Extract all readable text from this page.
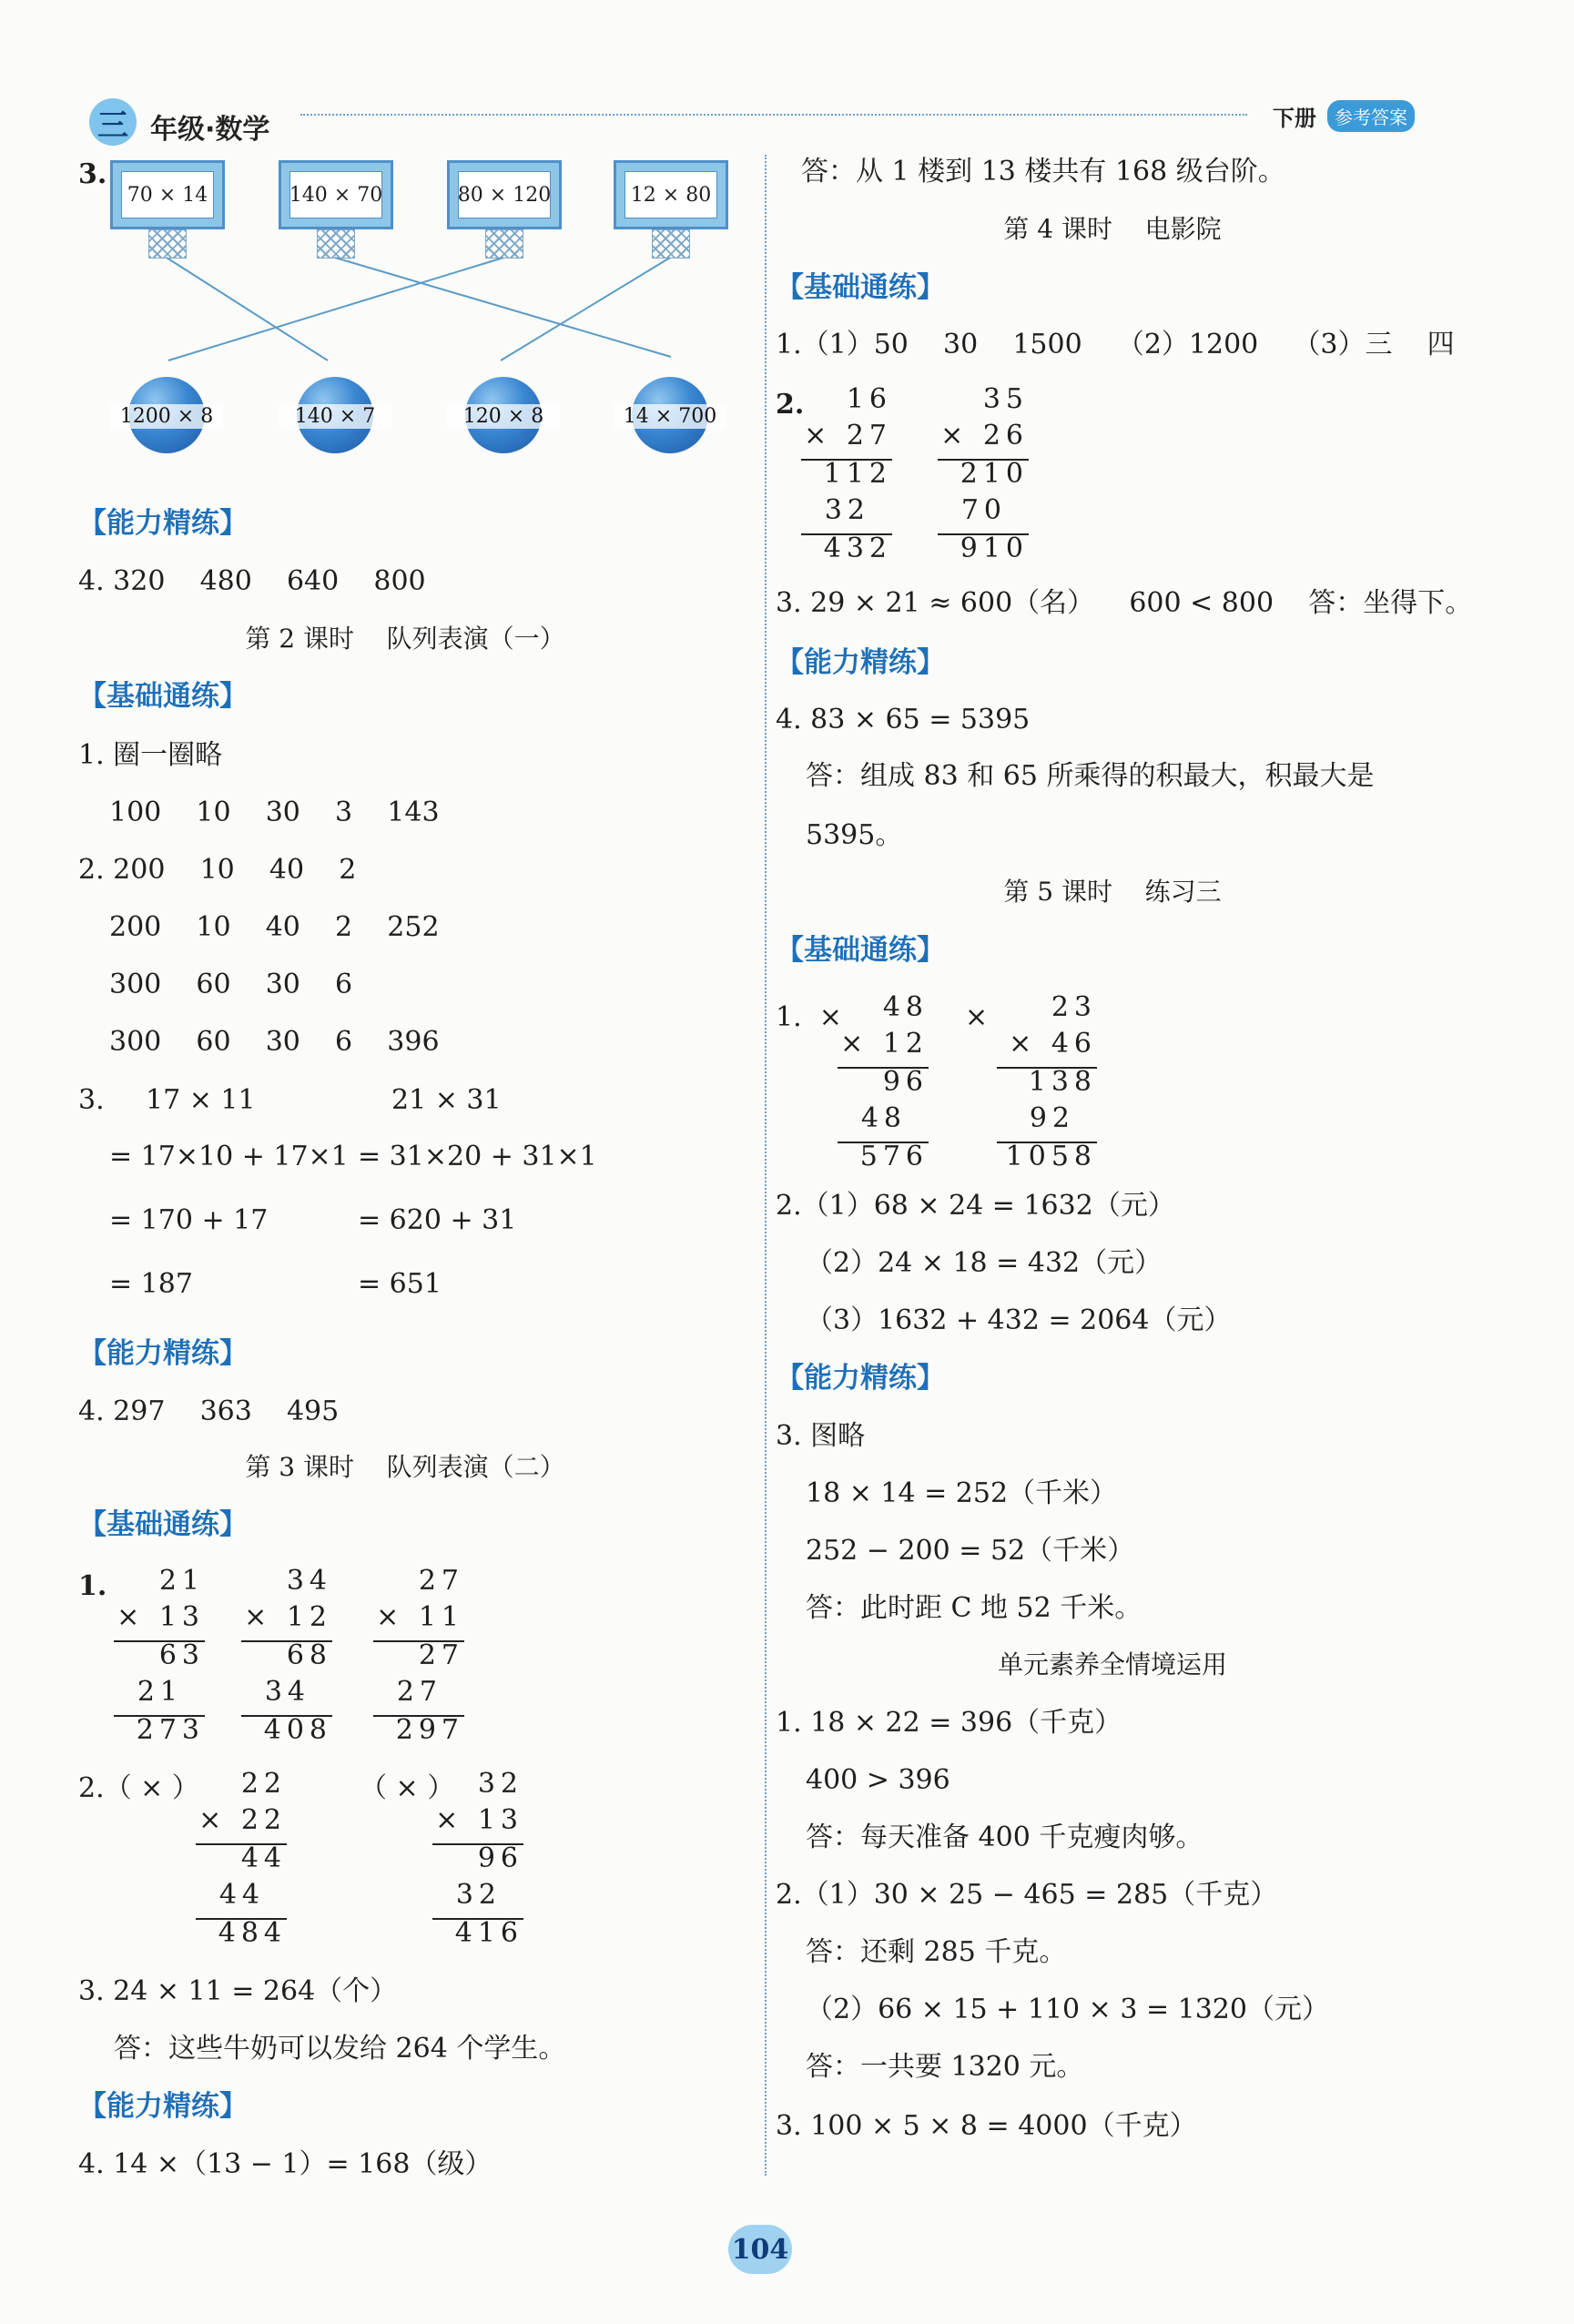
三 年级·数学	下册	参考答案
3.
70 × 14	140 × 70	80 × 120	12 × 80
1200 × 8	140 × 7	120 × 8	14 × 700
【能力精练】
4. 320    480    640    800
第 2 课时    队列表演（一）
【基础通练】
1. 圈一圈略
100    10    30    3    143
2. 200    10    40    2
200    10    40    2    252
300    60    30    6
300    60    30    6    396
3. 17 × 11
= 17×10 + 17×1
= 170 + 17
= 187
21 × 31
= 31×20 + 31×1
= 620 + 31
= 651
【能力精练】
4. 297    363    495
第 3 课时    队列表演（二）
【基础通练】
1.	21
× 13
63
21
273
34
× 12
68
34
408
27
× 11
27
27
297
2.（ × ）	（ × ）
22
× 22
44
44
484
32
× 13
96
32
416
3. 24 × 11 = 264（个）
答：这些牛奶可以发给 264 个学生。
【能力精练】
4. 14 ×（13 − 1）= 168（级）
答：从 1 楼到 13 楼共有 168 级台阶。
第 4 课时    电影院
【基础通练】
1.（1）50    30    1500    （2）1200    （3）三    四
2.	16
× 27
112
32
432
35
× 26
210
70
910
3. 29 × 21 ≈ 600（名）    600 < 800    答：坐得下。
【能力精练】
4. 83 × 65 = 5395
答：组成 83 和 65 所乘得的积最大，积最大是
5395。
第 5 课时    练习三
【基础通练】
1.  ×	×
48
× 12
96
48
576
23
× 46
138
92
1058
2.（1）68 × 24 = 1632（元）
（2）24 × 18 = 432（元）
（3）1632 + 432 = 2064（元）
【能力精练】
3. 图略
18 × 14 = 252（千米）
252 − 200 = 52（千米）
答：此时距 C 地 52 千米。
单元素养全情境运用
1. 18 × 22 = 396（千克）
400 > 396
答：每天准备 400 千克瘦肉够。
2.（1）30 × 25 − 465 = 285（千克）
答：还剩 285 千克。
（2）66 × 15 + 110 × 3 = 1320（元）
答：一共要 1320 元。
3. 100 × 5 × 8 = 4000（千克）
104
